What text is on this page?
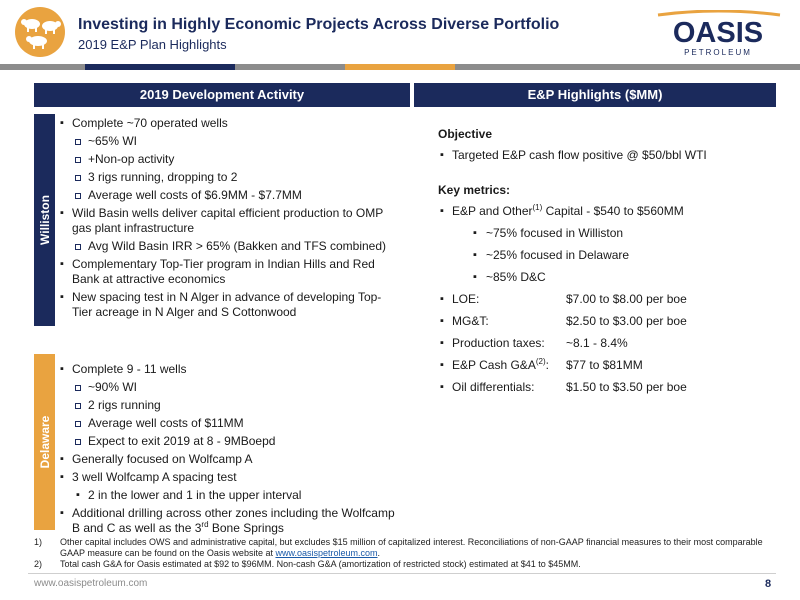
Investing in Highly Economic Projects Across Diverse Portfolio
2019 E&P Plan Highlights	OASIS
PETROLEUM
2019 Development Activity	E&P Highlights ($MM)
Williston
▪ Complete ~70 operated wells
~65% WI
+Non-op activity
3 rigs running, dropping to 2
Average well costs of $6.9MM - $7.7MM
▪ Wild Basin wells deliver capital efficient production to OMP gas plant infrastructure
Avg Wild Basin IRR > 65% (Bakken and TFS combined)
▪ Complementary Top-Tier program in Indian Hills and Red Bank at attractive economics
▪ New spacing test in N Alger in advance of developing Top-Tier acreage in N Alger and S Cottonwood
Delaware
▪ Complete 9 - 11 wells
~90% WI
2 rigs running
Average well costs of $11MM
Expect to exit 2019 at 8 - 9MBoepd
▪ Generally focused on Wolfcamp A
▪ 3 well Wolfcamp A spacing test
▪ 2 in the lower and 1 in the upper interval
▪ Additional drilling across other zones including the Wolfcamp B and C as well as the 3rd Bone Springs
Objective
▪ Targeted E&P cash flow positive @ $50/bbl WTI
Key metrics:
▪ E&P and Other$^{(1)}$ Capital - $540 to $560MM
▪ ~75% focused in Williston
▪ ~25% focused in Delaware
▪ ~85% D&C
▪ LOE:	$7.00 to $8.00 per boe
▪ MG&T:	$2.50 to $3.00 per boe
▪ Production taxes: ~8.1 - 8.4%
▪ E&P Cash $G\&A^{(2)}$: $77 to $81MM
▪ Oil differentials:	$1.50 to $3.50 per boe
1) Other capital includes OWS and administrative capital, but excludes $15 million of capitalized interest. Reconciliations of non-GAAP financial measures to their most comparable GAAP measure can be found on the Oasis website at www.oasispetroleum.com.
2) Total cash G&A for Oasis estimated at $92 to $96MM. Non-cash G&A (amortization of restricted stock) estimated at $41 to $45MM.
www.oasispetroleum.com	8
